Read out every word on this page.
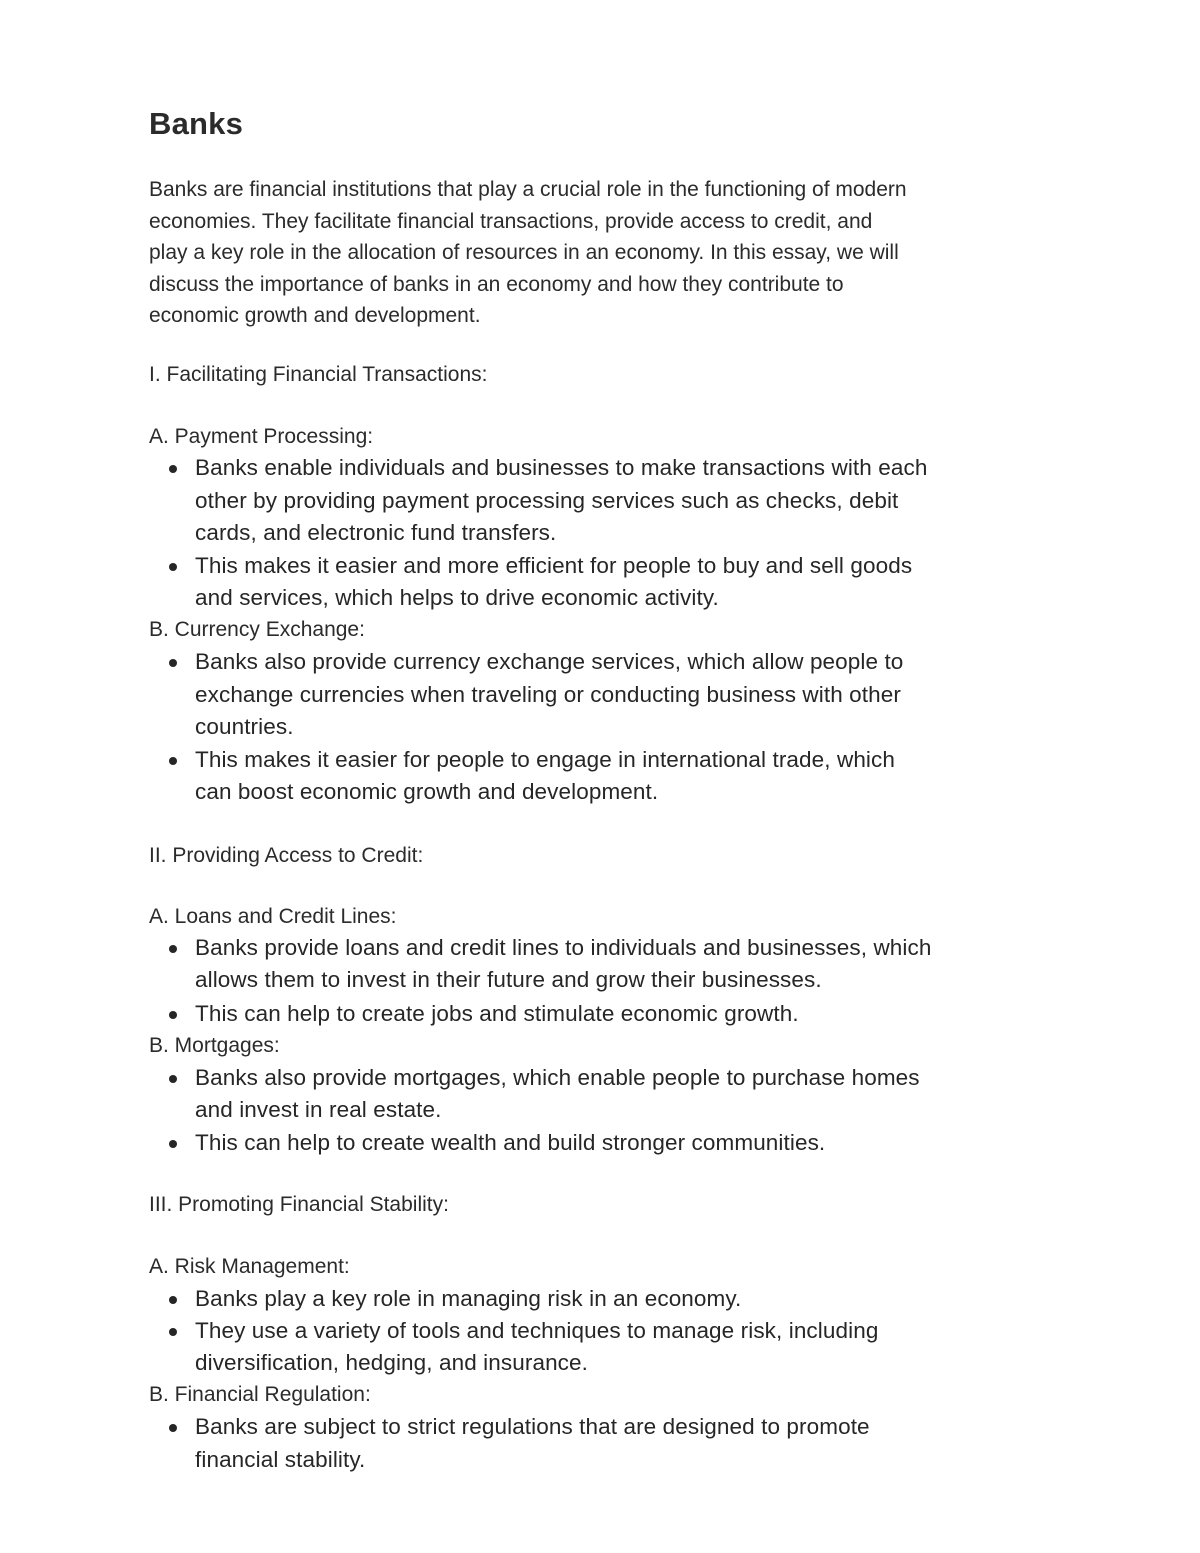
Banks

Banks are financial institutions that play a crucial role in the functioning of modern
economies. They facilitate financial transactions, provide access to credit, and
play a key role in the allocation of resources in an economy. In this essay, we will
discuss the importance of banks in an economy and how they contribute to
economic growth and development.

I. Facilitating Financial Transactions:
A. Payment Processing:
Banks enable individuals and businesses to make transactions with each
other by providing payment processing services such as checks, debit
cards, and electronic fund transfers.
This makes it easier and more efficient for people to buy and sell goods
and services, which helps to drive economic activity.
B. Currency Exchange:
Banks also provide currency exchange services, which allow people to
exchange currencies when traveling or conducting business with other
countries.
This makes it easier for people to engage in international trade, which
can boost economic growth and development.
II. Providing Access to Credit:
A. Loans and Credit Lines:
Banks provide loans and credit lines to individuals and businesses, which
allows them to invest in their future and grow their businesses.
This can help to create jobs and stimulate economic growth.
B. Mortgages:
Banks also provide mortgages, which enable people to purchase homes
and invest in real estate.
This can help to create wealth and build stronger communities.
III. Promoting Financial Stability:
A. Risk Management:
Banks play a key role in managing risk in an economy.
They use a variety of tools and techniques to manage risk, including
diversification, hedging, and insurance.
B. Financial Regulation:
Banks are subject to strict regulations that are designed to promote
financial stability.
